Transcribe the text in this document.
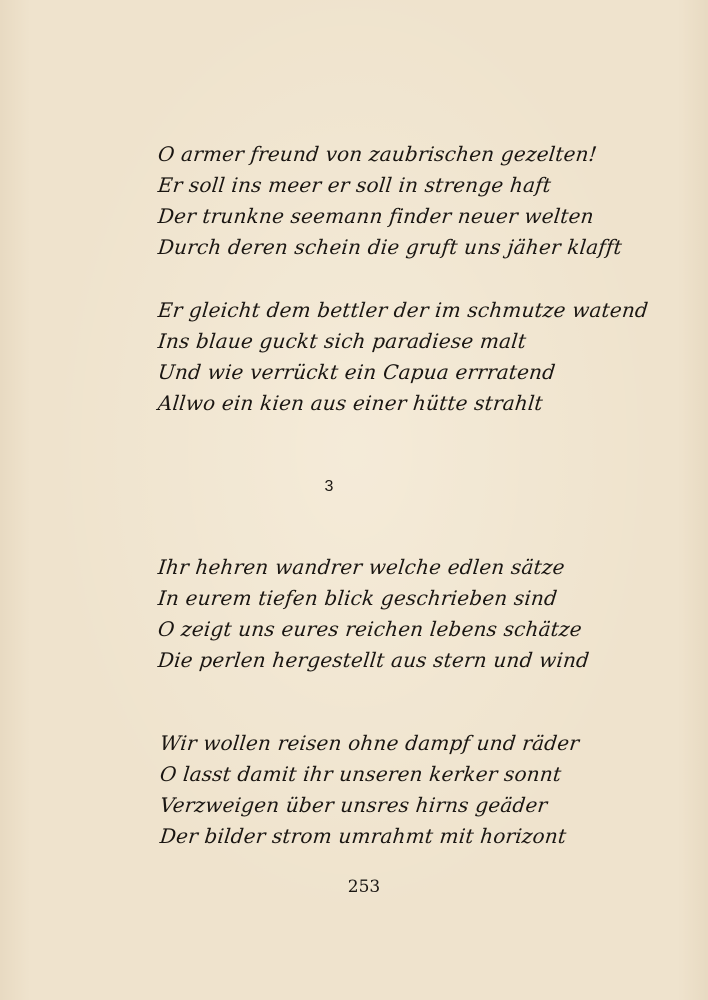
O armer freund von zaubrischen gezelten!
Er soll ins meer er soll in strenge haft
Der trunkne seemann finder neuer welten
Durch deren schein die gruft uns jäher klafft
Er gleicht dem bettler der im schmutze watend
Ins blaue guckt sich paradiese malt
Und wie verrückt ein Capua errratend
Allwo ein kien aus einer hütte strahlt
3
Ihr hehren wandrer welche edlen sätze
In eurem tiefen blick geschrieben sind
O zeigt uns eures reichen lebens schätze
Die perlen hergestellt aus stern und wind
Wir wollen reisen ohne dampf und räder
O lasst damit ihr unseren kerker sonnt
Verzweigen über unsres hirns geäder
Der bilder strom umrahmt mit horizont
253
